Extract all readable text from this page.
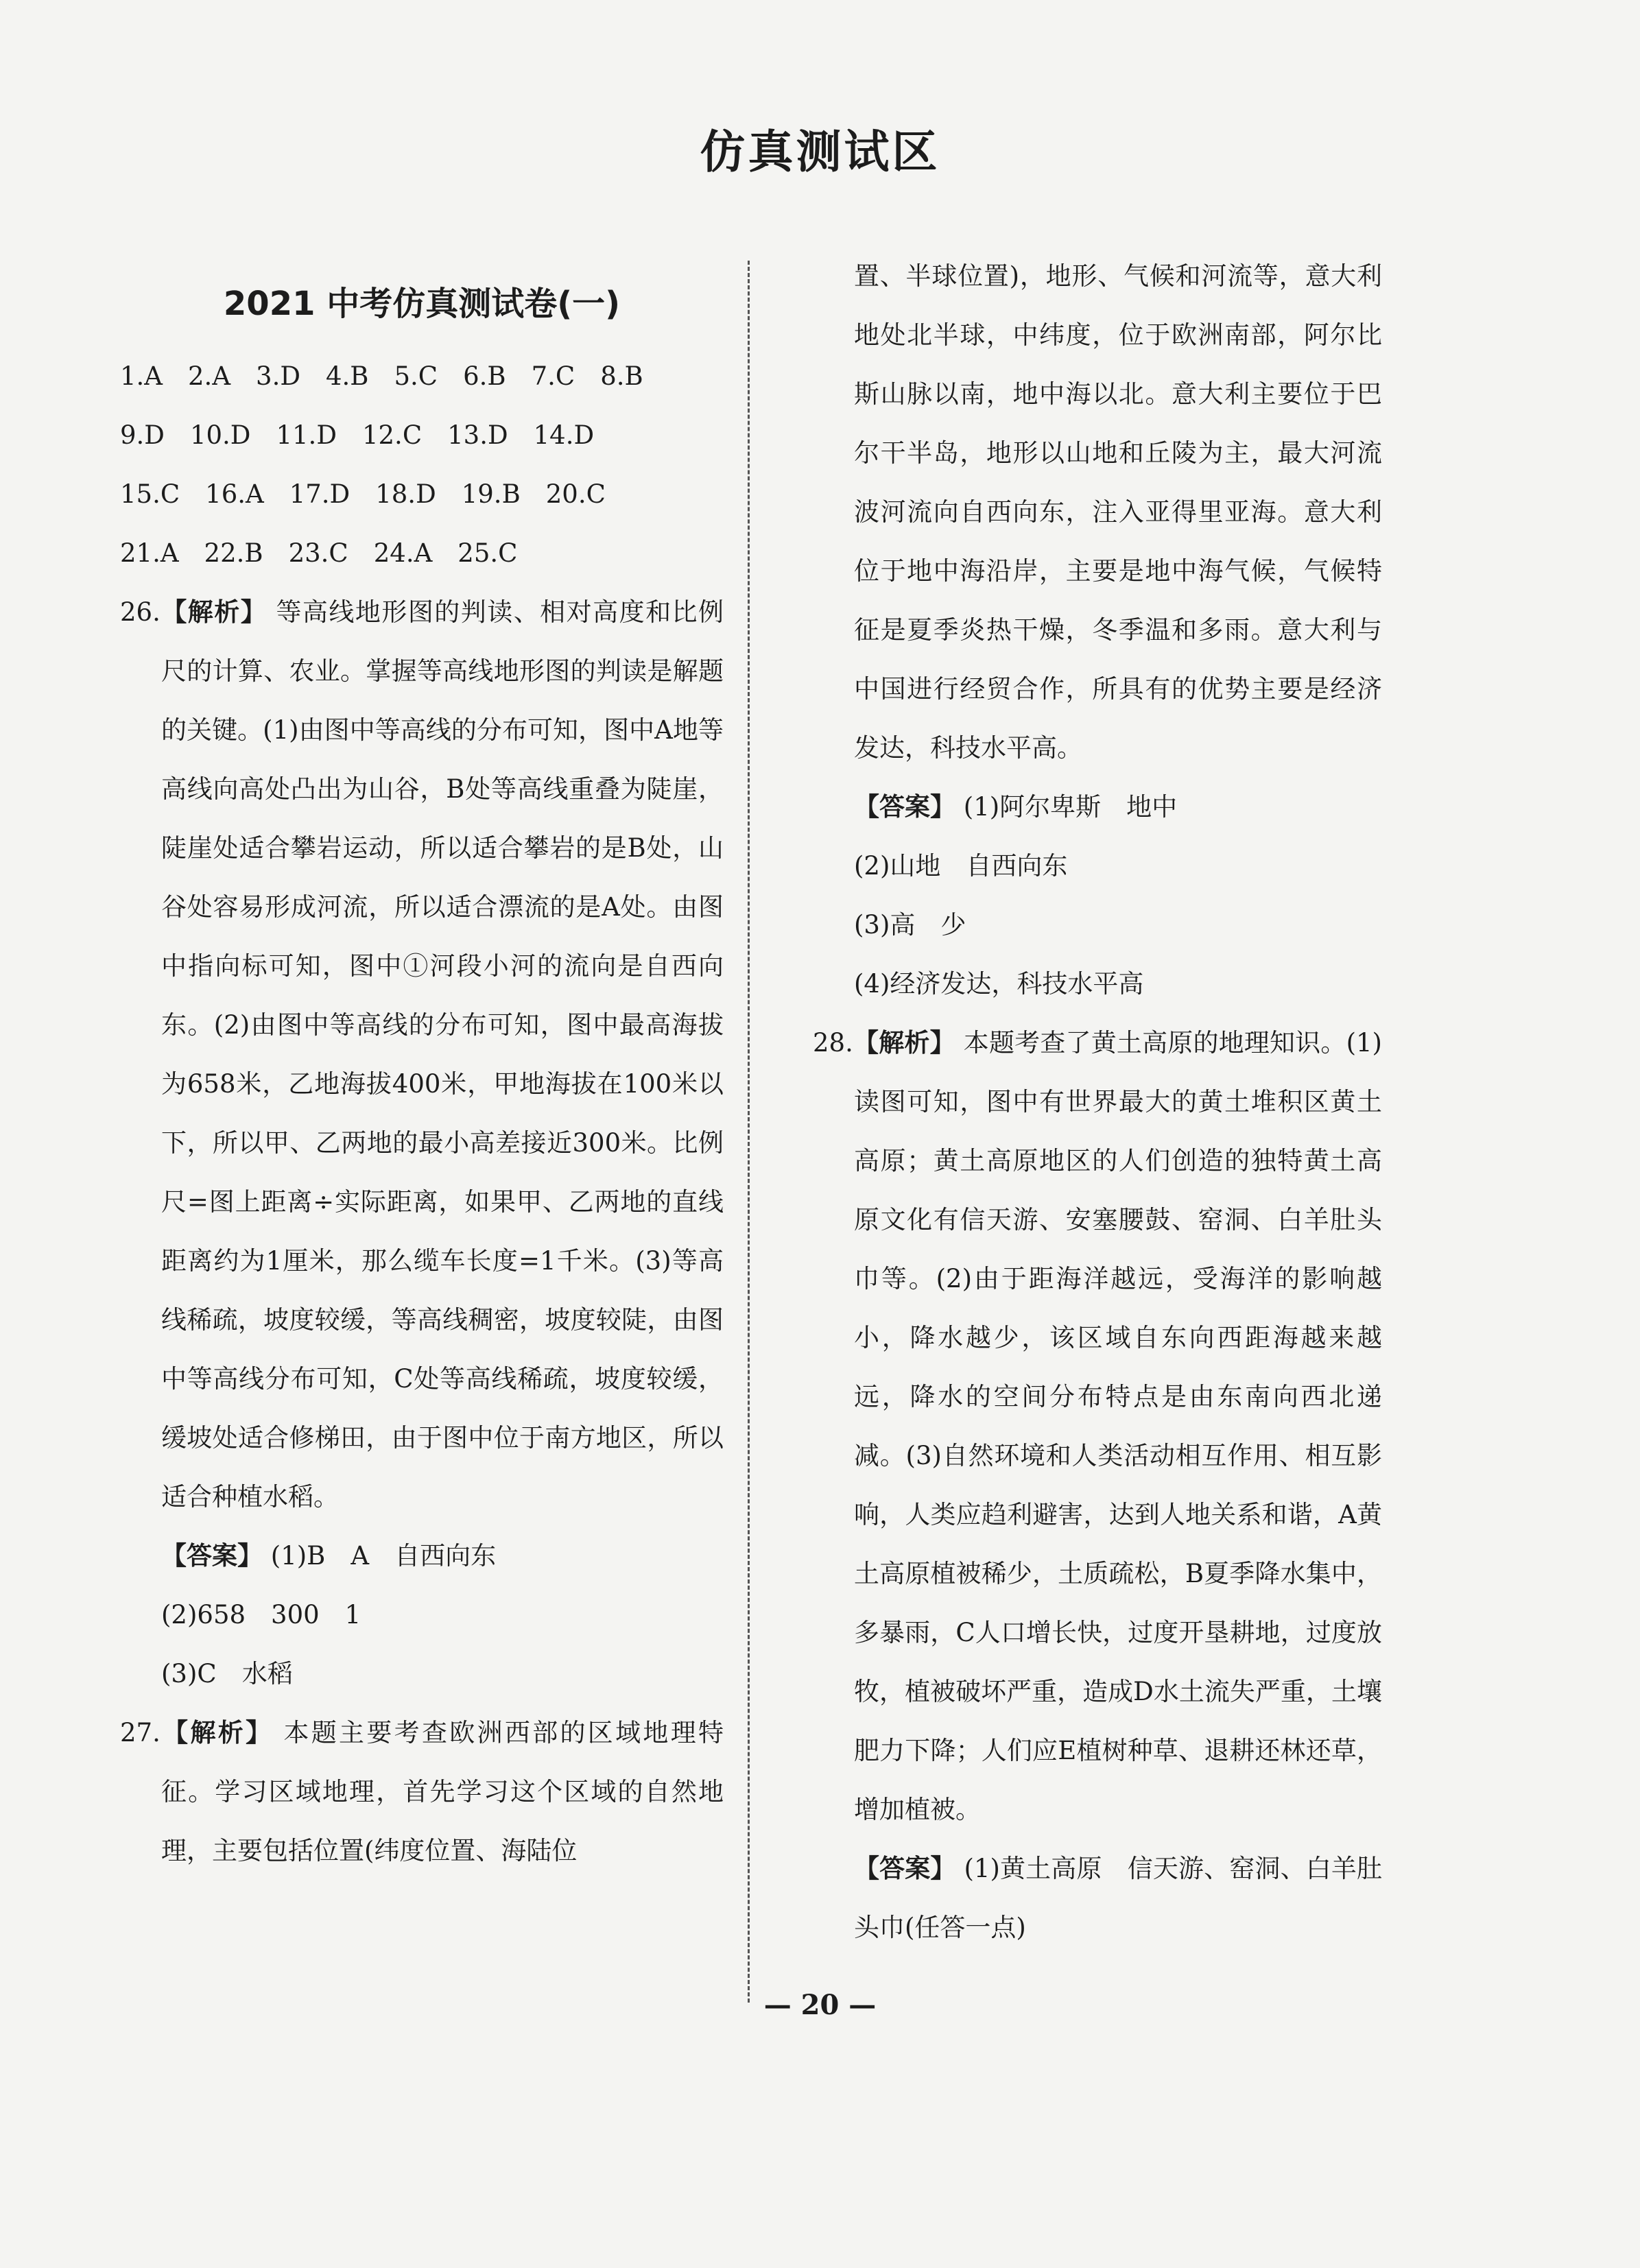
仿真测试区
2021 中考仿真测试卷(一)
1.A　2.A　3.D　4.B　5.C　6.B　7.C　8.B
9.D　10.D　11.D　12.C　13.D　14.D
15.C　16.A　17.D　18.D　19.B　20.C
21.A　22.B　23.C　24.A　25.C
26.【解析】 等高线地形图的判读、相对高度和比例尺的计算、农业。掌握等高线地形图的判读是解题的关键。(1)由图中等高线的分布可知，图中A地等高线向高处凸出为山谷，B处等高线重叠为陡崖，陡崖处适合攀岩运动，所以适合攀岩的是B处，山谷处容易形成河流，所以适合漂流的是A处。由图中指向标可知，图中①河段小河的流向是自西向东。(2)由图中等高线的分布可知，图中最高海拔为658米，乙地海拔400米，甲地海拔在100米以下，所以甲、乙两地的最小高差接近300米。比例尺=图上距离÷实际距离，如果甲、乙两地的直线距离约为1厘米，那么缆车长度=1千米。(3)等高线稀疏，坡度较缓，等高线稠密，坡度较陡，由图中等高线分布可知，C处等高线稀疏，坡度较缓，缓坡处适合修梯田，由于图中位于南方地区，所以适合种植水稻。
【答案】 (1)B　A　自西向东
(2)658　300　1
(3)C　水稻
27.【解析】 本题主要考查欧洲西部的区域地理特征。学习区域地理，首先学习这个区域的自然地理，主要包括位置(纬度位置、海陆位
置、半球位置)，地形、气候和河流等，意大利地处北半球，中纬度，位于欧洲南部，阿尔比斯山脉以南，地中海以北。意大利主要位于巴尔干半岛，地形以山地和丘陵为主，最大河流波河流向自西向东，注入亚得里亚海。意大利位于地中海沿岸，主要是地中海气候，气候特征是夏季炎热干燥，冬季温和多雨。意大利与中国进行经贸合作，所具有的优势主要是经济发达，科技水平高。
【答案】 (1)阿尔卑斯　地中
(2)山地　自西向东
(3)高　少
(4)经济发达，科技水平高
28.【解析】 本题考查了黄土高原的地理知识。(1)读图可知，图中有世界最大的黄土堆积区黄土高原；黄土高原地区的人们创造的独特黄土高原文化有信天游、安塞腰鼓、窑洞、白羊肚头巾等。(2)由于距海洋越远，受海洋的影响越小，降水越少，该区域自东向西距海越来越远，降水的空间分布特点是由东南向西北递减。(3)自然环境和人类活动相互作用、相互影响，人类应趋利避害，达到人地关系和谐，A黄土高原植被稀少，土质疏松，B夏季降水集中，多暴雨，C人口增长快，过度开垦耕地，过度放牧，植被破坏严重，造成D水土流失严重，土壤肥力下降；人们应E植树种草、退耕还林还草，增加植被。
【答案】 (1)黄土高原　信天游、窑洞、白羊肚头巾(任答一点)
— 20 —
